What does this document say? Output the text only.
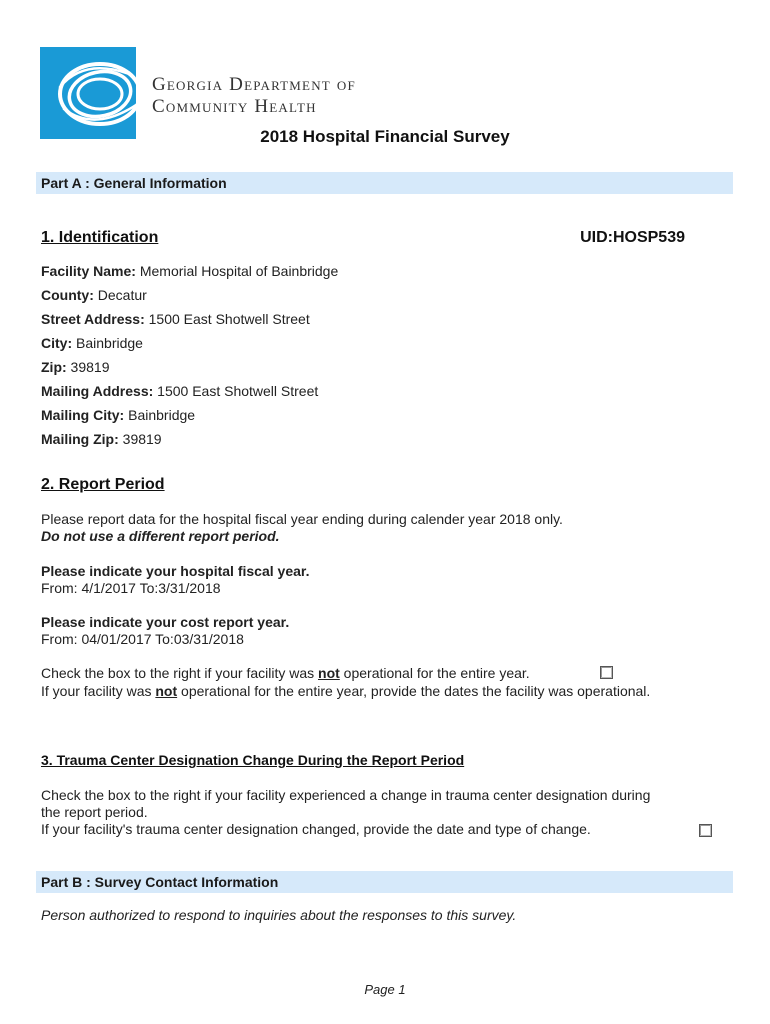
Georgia Department of
Community Health
2018 Hospital Financial Survey
Part A : General Information
1. Identification	UID:HOSP539
Facility Name: Memorial Hospital of Bainbridge
County: Decatur
Street Address: 1500 East Shotwell Street
City: Bainbridge
Zip: 39819
Mailing Address: 1500 East Shotwell Street
Mailing City: Bainbridge
Mailing Zip: 39819
2. Report Period
Please report data for the hospital fiscal year ending during calender year 2018 only.
Do not use a different report period.
Please indicate your hospital fiscal year.
From: 4/1/2017 To:3/31/2018
Please indicate your cost report year.
From: 04/01/2017 To:03/31/2018
Check the box to the right if your facility was not operational for the entire year.
If your facility was not operational for the entire year, provide the dates the facility was operational.
3. Trauma Center Designation Change During the Report Period
Check the box to the right if your facility experienced a change in trauma center designation during
the report period.
If your facility's trauma center designation changed, provide the date and type of change.
Part B : Survey Contact Information
Person authorized to respond to inquiries about the responses to this survey.
Page 1
